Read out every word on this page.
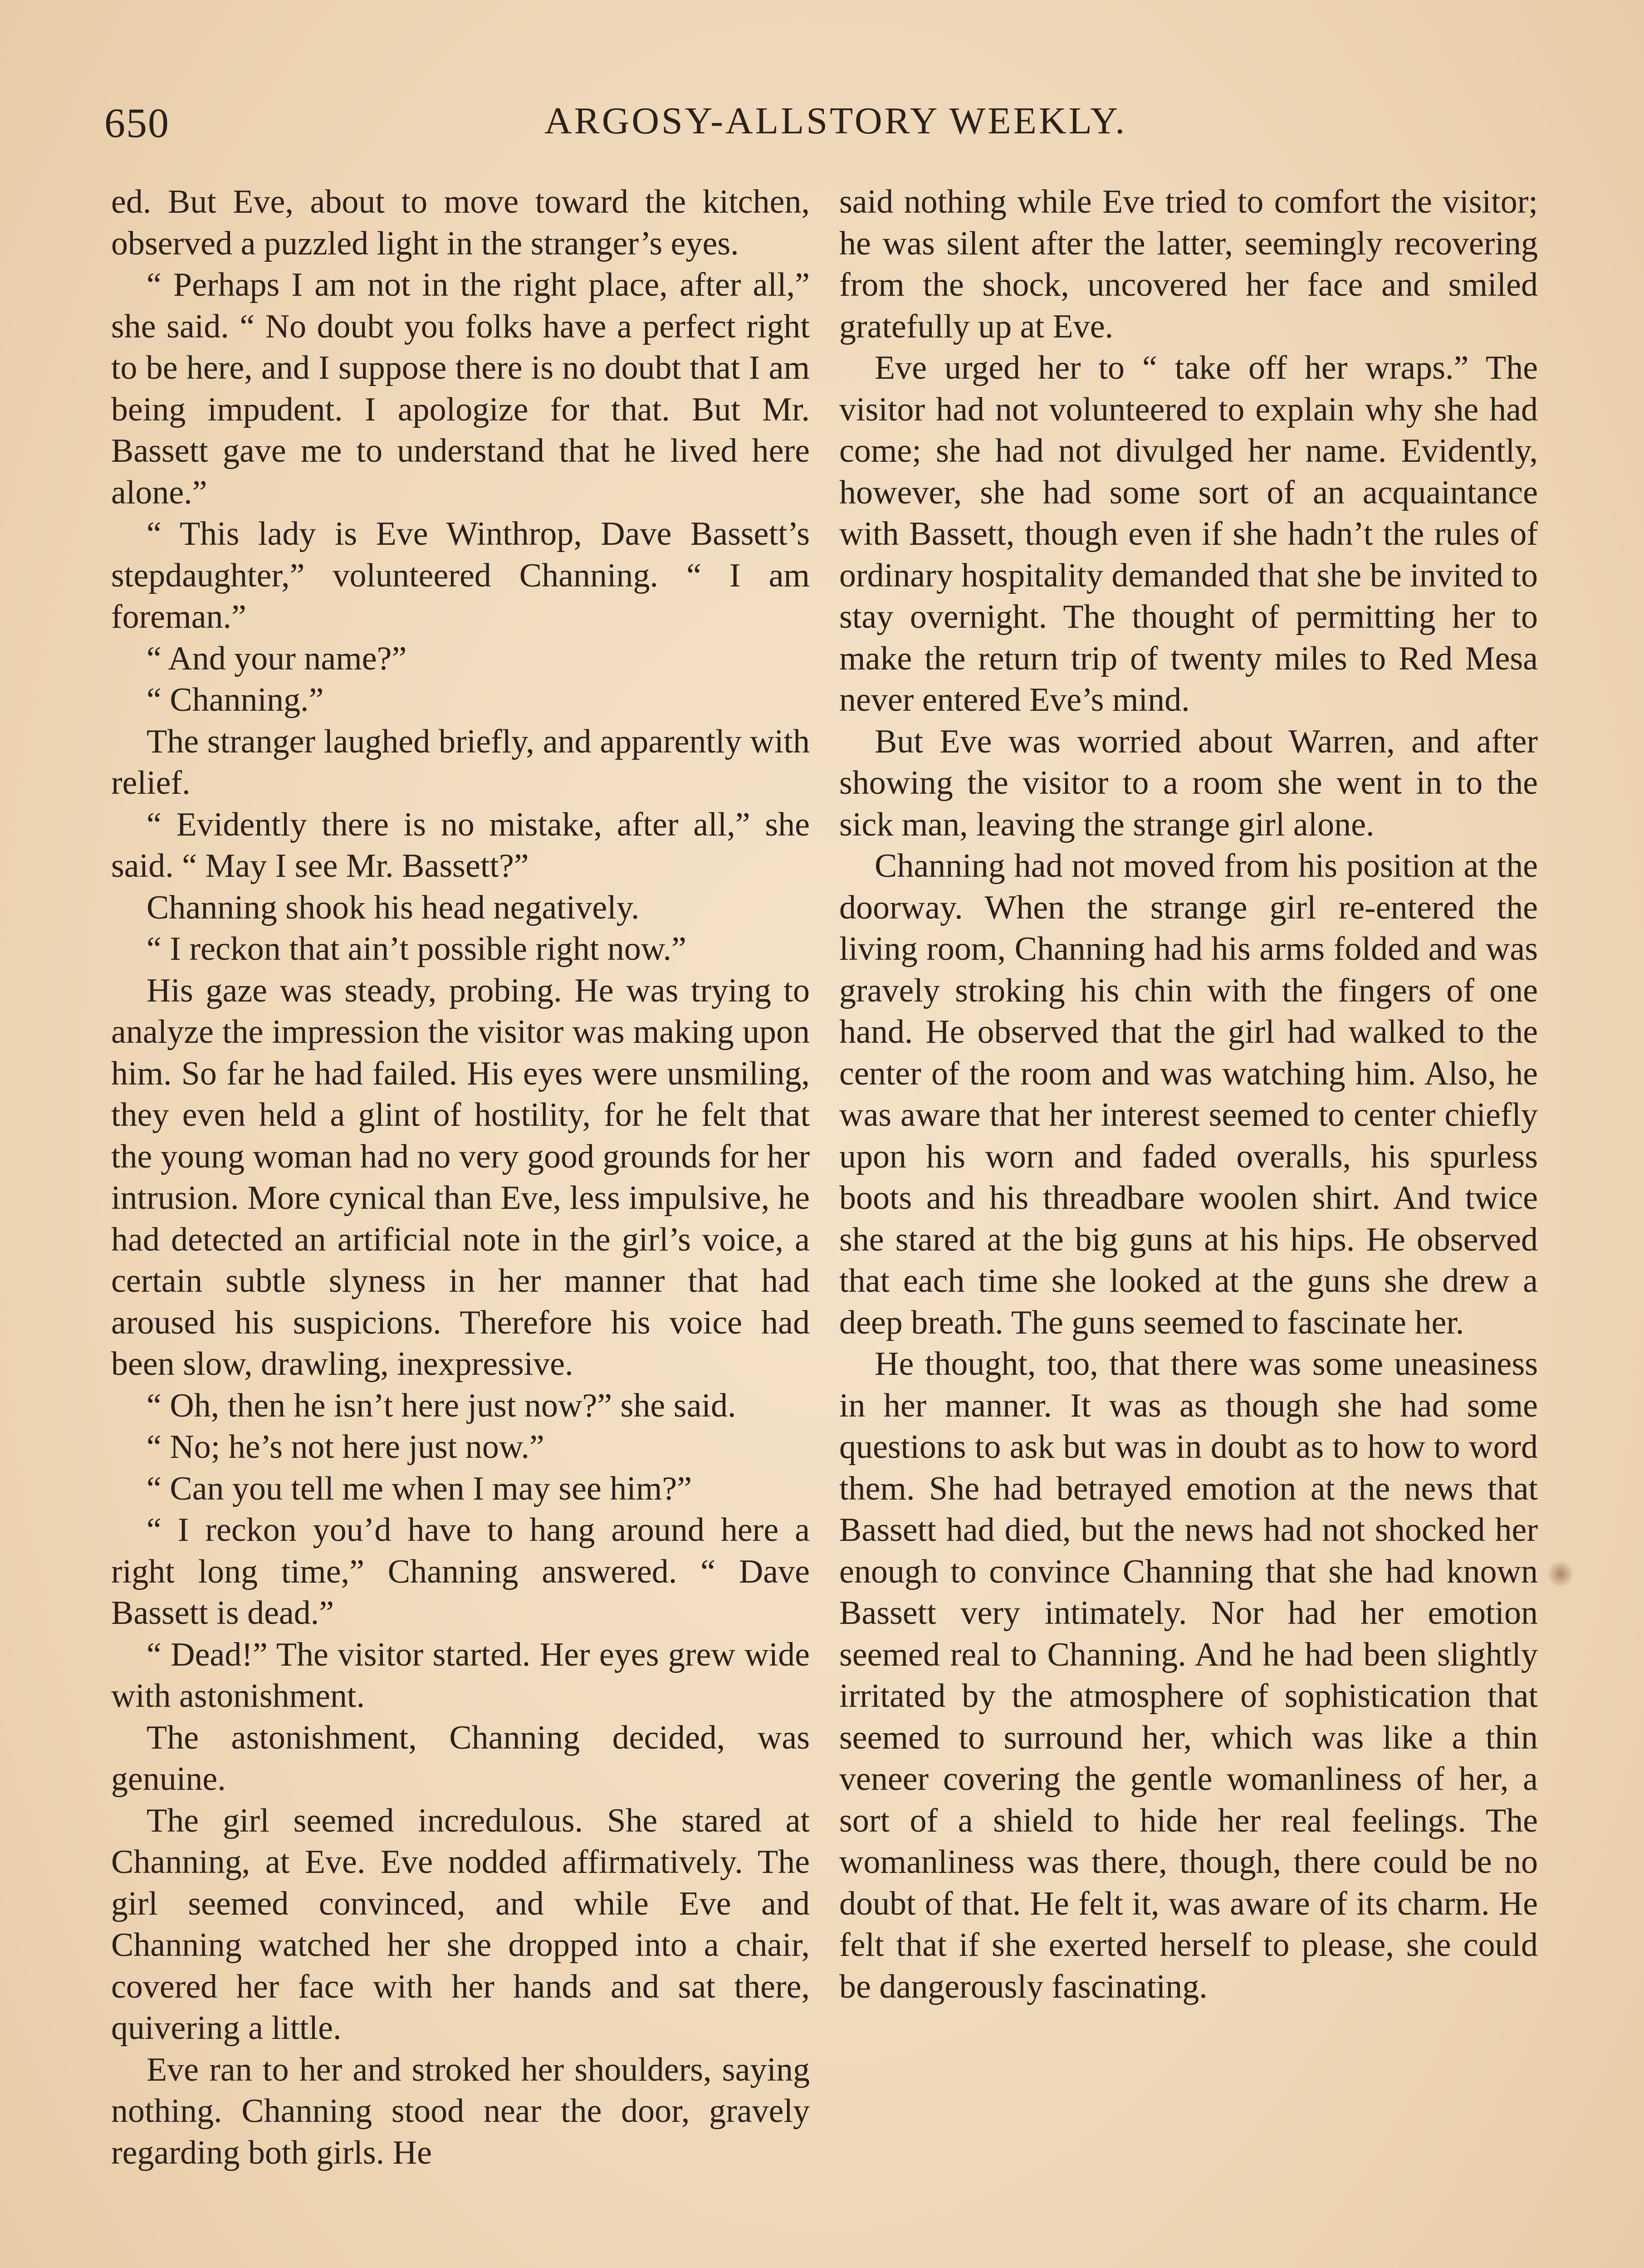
650	ARGOSY-ALLSTORY WEEKLY.

ed. But Eve, about to move toward the kitchen, observed a puzzled light in the stranger’s eyes.

“ Perhaps I am not in the right place, after all,” she said. “ No doubt you folks have a perfect right to be here, and I suppose there is no doubt that I am being impudent. I apologize for that. But Mr. Bassett gave me to understand that he lived here alone.”

“ This lady is Eve Winthrop, Dave Bassett’s stepdaughter,” volunteered Channing. “ I am foreman.”

“ And your name?”

“ Channing.”

The stranger laughed briefly, and apparently with relief.

“ Evidently there is no mistake, after all,” she said. “ May I see Mr. Bassett?”

Channing shook his head negatively.

“ I reckon that ain’t possible right now.”

His gaze was steady, probing. He was trying to analyze the impression the visitor was making upon him. So far he had failed. His eyes were unsmiling, they even held a glint of hostility, for he felt that the young woman had no very good grounds for her intrusion. More cynical than Eve, less impulsive, he had detected an artificial note in the girl’s voice, a certain subtle slyness in her manner that had aroused his suspicions. Therefore his voice had been slow, drawling, inexpressive.

“ Oh, then he isn’t here just now?” she said.

“ No; he’s not here just now.”

“ Can you tell me when I may see him?”

“ I reckon you’d have to hang around here a right long time,” Channing answered. “ Dave Bassett is dead.”

“ Dead!” The visitor started. Her eyes grew wide with astonishment.

The astonishment, Channing decided, was genuine.

The girl seemed incredulous. She stared at Channing, at Eve. Eve nodded affirmatively. The girl seemed convinced, and while Eve and Channing watched her she dropped into a chair, covered her face with her hands and sat there, quivering a little.

Eve ran to her and stroked her shoulders, saying nothing. Channing stood near the door, gravely regarding both girls. He

said nothing while Eve tried to comfort the visitor; he was silent after the latter, seemingly recovering from the shock, uncovered her face and smiled gratefully up at Eve.

Eve urged her to “ take off her wraps.” The visitor had not volunteered to explain why she had come; she had not divulged her name. Evidently, however, she had some sort of an acquaintance with Bassett, though even if she hadn’t the rules of ordinary hospitality demanded that she be invited to stay overnight. The thought of permitting her to make the return trip of twenty miles to Red Mesa never entered Eve’s mind.

But Eve was worried about Warren, and after showing the visitor to a room she went in to the sick man, leaving the strange girl alone.

Channing had not moved from his position at the doorway. When the strange girl re-entered the living room, Channing had his arms folded and was gravely stroking his chin with the fingers of one hand. He observed that the girl had walked to the center of the room and was watching him. Also, he was aware that her interest seemed to center chiefly upon his worn and faded overalls, his spurless boots and his threadbare woolen shirt. And twice she stared at the big guns at his hips. He observed that each time she looked at the guns she drew a deep breath. The guns seemed to fascinate her.

He thought, too, that there was some uneasiness in her manner. It was as though she had some questions to ask but was in doubt as to how to word them. She had betrayed emotion at the news that Bassett had died, but the news had not shocked her enough to convince Channing that she had known Bassett very intimately. Nor had her emotion seemed real to Channing. And he had been slightly irritated by the atmosphere of sophistication that seemed to surround her, which was like a thin veneer covering the gentle womanliness of her, a sort of a shield to hide her real feelings. The womanliness was there, though, there could be no doubt of that. He felt it, was aware of its charm. He felt that if she exerted herself to please, she could be dangerously fascinating.
